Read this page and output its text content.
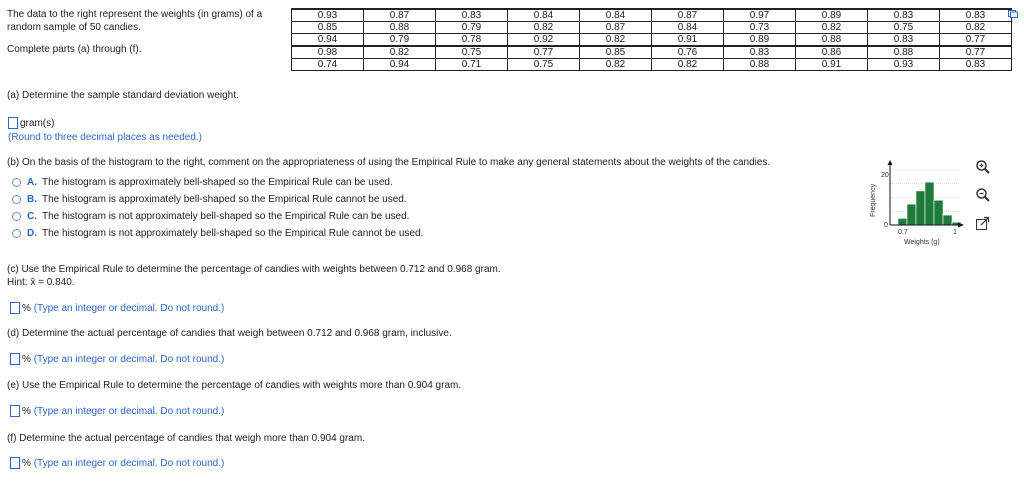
The data to the right represent the weights (in grams) of a

random sample of 50 candies.

Complete parts (a) through (f).

0.93	0.87	0.83	0.84	0.84	0.87	0.97	0.89	0.83	0.83
0.85	0.88	0.79	0.82	0.87	0.84	0.73	0.82	0.75	0.82
0.94	0.79	0.78	0.92	0.82	0.91	0.89	0.88	0.83	0.77
0.98	0.82	0.75	0.77	0.85	0.76	0.83	0.86	0.88	0.77
0.74	0.94	0.71	0.75	0.82	0.82	0.88	0.91	0.93	0.83
(a) Determine the sample standard deviation weight.
gram(s)
(Round to three decimal places as needed.)
(b) On the basis of the histogram to the right, comment on the appropriateness of using the Empirical Rule to make any general statements about the weights of the candies.
A. The histogram is approximately bell-shaped so the Empirical Rule can be used.
B. The histogram is approximately bell-shaped so the Empirical Rule cannot be used.
C. The histogram is not approximately bell-shaped so the Empirical Rule can be used.
D. The histogram is not approximately bell-shaped so the Empirical Rule cannot be used.
Frequency
20
0
0.7	1
Weights (g)
(c) Use the Empirical Rule to determine the percentage of candies with weights between 0.712 and 0.968 gram.
Hint: x̄ = 0.840.
% (Type an integer or decimal. Do not round.)
(d) Determine the actual percentage of candies that weigh between 0.712 and 0.968 gram, inclusive.
% (Type an integer or decimal. Do not round.)
(e) Use the Empirical Rule to determine the percentage of candies with weights more than 0.904 gram.
% (Type an integer or decimal. Do not round.)
(f) Determine the actual percentage of candies that weigh more than 0.904 gram.
% (Type an integer or decimal. Do not round.)
